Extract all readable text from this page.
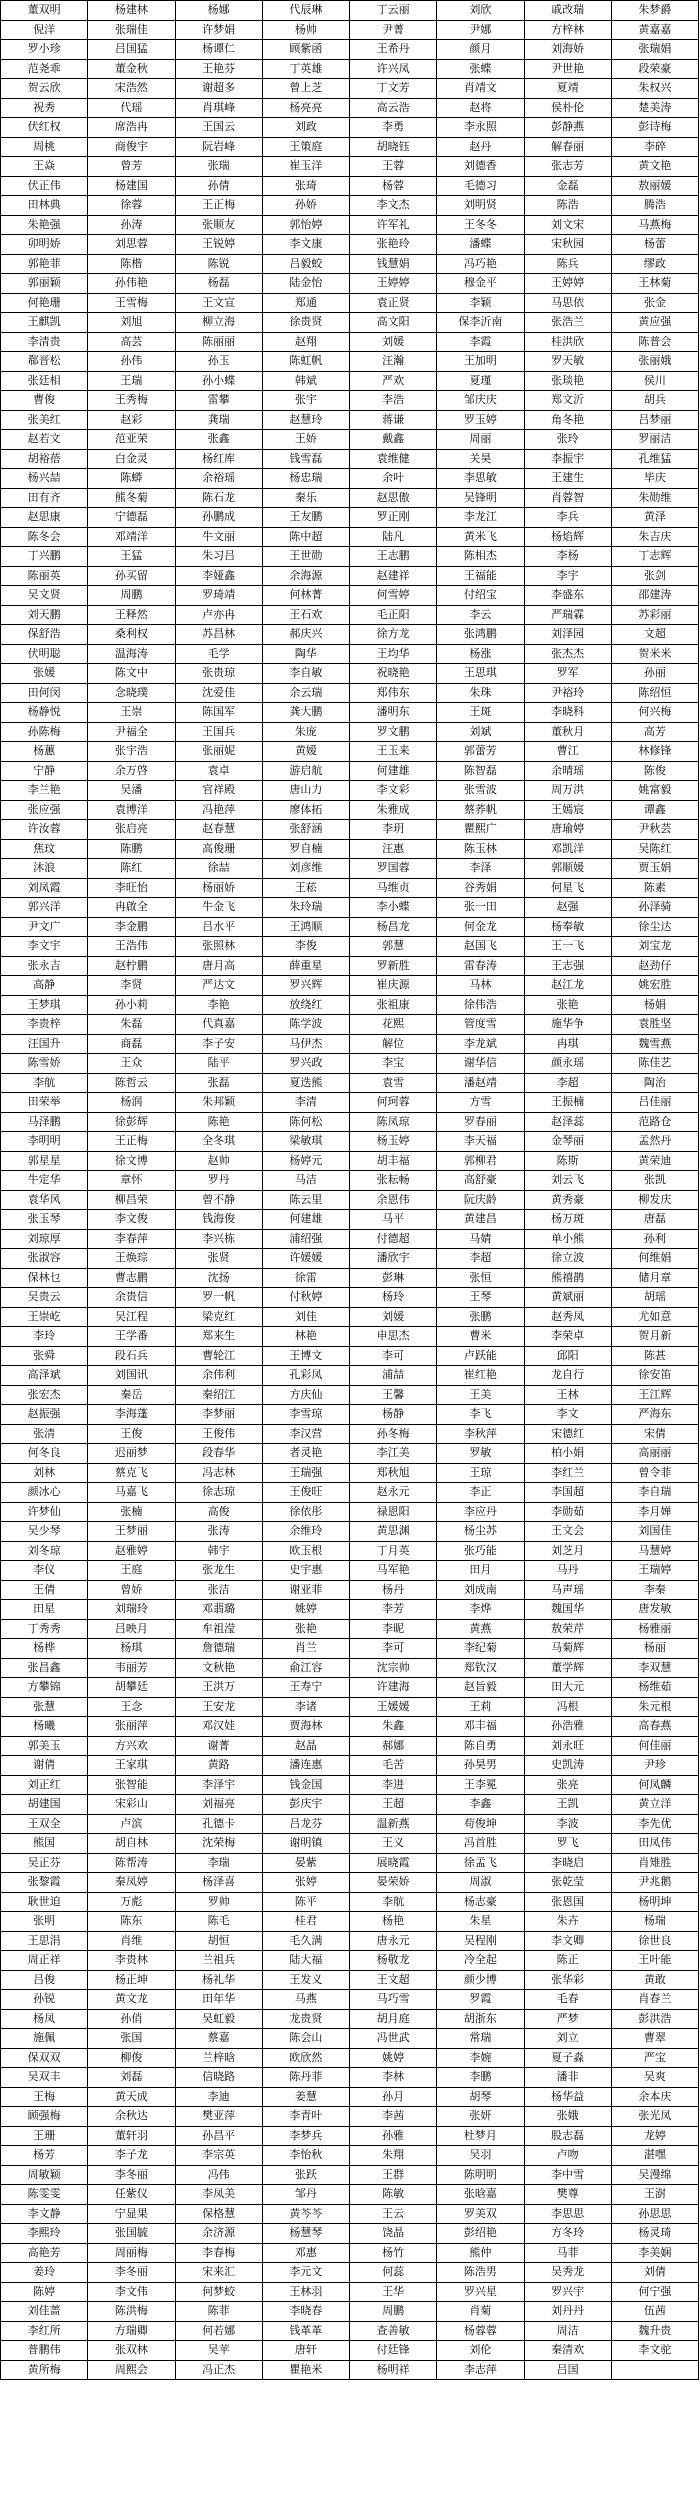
董双明	杨建林	杨娜	代辰琳	丁云丽	刘欣	戚改瑞	朱梦爵
倪洋	张瑞佳	许梦娟	杨帅	尹菁	尹娜	方梓林	黄嘉嘉
罗小珍	吕国猛	杨谭仁	顾紫函	王希丹	颜月	刘海娇	张瑞娟
范尧乖	董金秋	王艳芬	丁英雄	许兴凤	张蝶	尹世艳	段荣豪
贺云欣	宋浩然	谢超多	曾上芝	丁文芳	肖靖文	夏靖	朱权兴
祝秀	代瑶	肖琪峰	杨亮亮	高云浩	赵将	侯朴伦	楚美涛
伏红权	席浩冉	王国云	刘政	李勇	李永照	彭静燕	彭诗梅
周桃	商俊宇	阮岩峰	王策庭	胡晓钰	赵丹	解春丽	李碎
王焱	曾芳	张瑞	崔玉洋	王蓉	刘德香	张志芳	黄文艳
伏正伟	杨建国	孙倩	张琦	杨蓉	毛德习	金磊	敖丽媛
田林典	徐蓉	王正梅	孙娇	李文杰	刘明贤	陈浩	腾浩
朱艳强	孙涛	张顺友	郭怡婷	许军礼	王冬冬	刘文宋	马燕梅
卯明娇	刘思蓉	王锐婷	李文康	张艳玲	潘蝶	宋秋园	杨蕾
郭艳菲	陈楷	陈锐	吕毅蛟	钱慧娟	冯巧艳	陈兵	缪政
郭丽颖	孙伟艳	杨磊	陆金怡	王婷婷	穆金平	王婷婷	王林菊
何艳珊	王雪梅	王文宣	郑通	袁正贤	李颖	马思依	张金
王麒凯	刘旭	柳立海	徐贵贤	高文阳	保李沂南	张浩兰	黄应强
李清贵	高芸	陈丽丽	赵翔	刘媛	李霞	桂洪欣	陈普会
郗晋松	孙伟	孙玉	陈虹帆	汪瀚	王加明	罗天敏	张丽娥
张廷相	王瑞	孙小蝶	韩斌	严欢	夏瑾	张琰艳	侯川
曹俊	王秀梅	雷攀	张宇	李浩	邹庆庆	郑文沂	胡兵
张美红	赵彩	龚瑞	赵慧玲	蒋谦	罗玉婷	角冬艳	吕梦丽
赵若文	范亚荣	张鑫	王娇	戴鑫	周丽	张玲	罗丽洁
胡裕蓓	白金灵	杨红库	钱雪磊	袁维健	关昊	李振宇	孔维猛
杨兴喆	陈蟒	余裕瑶	杨忠瑞	余叶	李思敏	王建生	毕庆
田有齐	熊冬菊	陈石龙	秦乐	赵思傲	吴锋明	肖蓉智	朱勋维
赵思康	宁德磊	孙鹏成	王友鹏	罗正刚	李龙江	李兵	黄泽
陈冬会	邓靖洋	牛文丽	陈中超	陆凡	黄米飞	杨焰辉	朱吉庆
丁兴鹏	王猛	朱习吕	王世勋	王志鹏	陈相杰	李杨	丁志辉
陈丽英	孙买留	李娅鑫	余海源	赵建祥	王福能	李宇	张剑
吴文贤	周鹏	罗琦靖	何林菁	何雪婷	付绍宝	李盛东	邵建涛
刘天鹏	王释然	卢亦冉	王石欢	毛正阳	李云	严瑞霖	苏彩丽
保舒浩	桑利权	苏昌林	郝庆兴	徐方龙	张鸿鹏	刘泽园	文超
伏明聪	温海涛	毛学	陶华	王均华	杨涨	张杰杰	贺米米
张媛	陈文中	张贵琼	李自敏	祝晓艳	王思琪	罗军	孙丽
田何闵	念晓璞	沈爱佳	余云瑞	郑伟东	朱珠	尹裕玲	陈绍恒
杨静悦	王崇	陈国军	龚大鹏	潘明东	王斑	李晓科	何兴梅
孙陈梅	尹福全	王国兵	朱庞	罗文鹏	刘斌	董秋月	高芳
杨蕙	张宇浩	张丽妮	黄嫒	王玉来	郭蕾芳	曹江	林修锋
宁静	余万啓	袁卓	游启航	何建雄	陈智磊	余晴瑶	陈俊
李兰艳	吴潘	官祥殿	唐山力	李文彩	张雪波	周万洪	姚富毅
张应强	袁博洋	冯艳萍	廖体拓	朱雅成	蔡荞帆	王嫣宸	谭鑫
许汝蓉	张启亮	赵春慧	张舒涵	李玥	瞿熙广	唐瑜婷	尹秋芸
焦玟	陈鹏	高俊珊	罗自楠	汪惠	陈玉林	邓凯洋	吴陈红
沐浪	陈红	徐喆	刘彦维	罗国蓉	李泽	郭顺媛	贾玉娟
刘凤霞	李旺怡	杨丽娇	王菘	马维贞	谷秀娟	何星飞	陈素
郭兴洋	冉啟全	牛金飞	朱玲瑞	李小蝶	张一田	赵强	孙泽骑
尹文广	李金鹏	吕水平	王鸿顺	杨昌龙	何金龙	杨奉敏	徐尘达
李文宇	王浩伟	张照林	李俊	郭慧	赵国飞	王一飞	刘宝龙
张永吉	赵柠鹏	唐月高	薛重星	罗新胜	雷春涛	王志强	赵劲仔
高静	李贤	严达文	罗兴辉	崔庆源	马林	赵江龙	姚宏胜
王梦琪	孙小莉	李艳	放绕红	张祖康	徐伟浩	张艳	杨娟
李贵梓	朱磊	代真嘉	陈学波	花熙	管度雪	施华争	袁胜坚
汪国升	商磊	李子安	马伊杰	解位	李龙斌	冉琪	魏雪燕
陈雪娇	王众	陆平	罗兴政	李宝	谢华信	颜永瑶	陈佳艺
李航	陈哲云	张磊	夏迭熊	袁雪	潘赵靖	李超	陶治
田荣举	杨润	朱邦颖	李清	何珂蓉	方雪	王振楠	吕佳丽
马泽鹏	徐彭辉	陈艳	陈何松	陈凤琼	罗春丽	赵泽蕊	范路仓
李明明	王正梅	全冬琪	梁敏琪	杨玉婷	李天福	金琴丽	孟然丹
郭星星	徐文博	赵帅	杨婷元	胡丰福	郭柳君	陈斯	黄荣迪
牛定华	章怀	罗丹	马洁	张耘畅	高舒豪	刘云飞	张凯
袁华风	柳昌荣	曾不静	陈云里	余恩伟	阮庆龄	黄秀豪	柳发庆
张玉琴	李文俊	钱海俊	何建雄	马平	黄建昌	杨万斑	唐磊
刘琼厚	李春萍	李兴栋	浦绍强	付德超	马婧	单小熊	孙利
张淑容	王焕琮	张贤	许媛媛	潘欣宇	李超	徐立波	何维娟
保林乜	曹志鹏	沈扬	徐雷	彭琳	张恒	熊禧鹊	储月章
吴贵云	余贵信	罗一帆	付秋婷	杨玲	王琴	黄斌丽	胡瑶
王崇屹	吴江程	梁克红	刘佳	刘媛	张鹏	赵秀凤	尤如意
李玲	王学番	郑来生	林艳	申思杰	曹米	李荣卓	贺月新
张舜	段石兵	曹轮江	王博文	李可	卢跃能	邱阳	陈甚
高泽斌	刘国讯	余伟利	孔彩凤	浦喆	崔红艳	龙自行	徐安笛
张宏杰	秦岳	秦绍江	方庆仙	王馨	王美	王林	王江辉
赵振强	李海蓬	李梦丽	李雪琼	杨静	李飞	李文	严海东
张清	王俊	王俊伟	李汉营	孙冬梅	李秋萍	宋德红	宋倩
何冬良	迟丽梦	段春华	者灵艳	李江美	罗敏	柏小娟	高丽丽
刘林	蔡克飞	冯志林	王瑞强	郑秋旭	王琼	李红兰	曾令菲
颜冰心	马嘉飞	徐志琼	王俊旺	赵永元	李正	李国超	李自瑞
许梦仙	张楠	高俊	徐依彤	禄恩阳	李应丹	李勋茹	李月婵
吴少琴	王梦丽	张涛	余维玲	黄思渊	杨尘苏	王文会	刘国佳
刘冬琼	赵雅婷	韩宇	欧玉根	丁月英	张巧能	刘芝月	马慧婷
李仪	王庭	张龙生	史宇惠	马军艳	田月	马丹	王瑞婷
王倩	曾娇	张洁	谢亚菲	杨丹	刘成南	马声瑶	李秦
田星	刘瑞玲	邓翡璐	姚婷	李芳	李烨	魏国华	唐发敏
丁秀秀	吕映月	牟祖滢	张艳	李昵	黄燕	敖荣芹	杨雅丽
杨桦	杨琪	詹德瑞	肖兰	李可	李纪菊	马菊辉	杨丽
张昌鑫	韦丽芳	文秋艳	俞江容	沈宗帅	郑钦汉	董学辉	李双慧
方攀锦	胡攀廷	王洪万	王寿宁	许建海	赵旨毅	田大元	杨维茹
张慧	王念	王安龙	李诸	王媛媛	王莉	冯根	朱元根
杨曦	张丽萍	邓汉娃	贾海林	朱鑫	邓丰福	孙浩雅	高春燕
郭美玉	方兴欢	谢菁	赵晶	郝娜	陈自勇	刘永旺	何佳丽
谢倩	王家琪	黄路	潘连惠	毛苦	孙昊男	史凯涛	尹珍
刘正红	张智能	李泽宇	钱金国	李进	王李冕	张亮	何凤麟
胡建国	宋彩山	刘福亮	彭庆宇	王超	李鑫	王凯	黄立洋
王双全	卢滨	孔德卡	吕龙芬	温新燕	苟俊坤	李波	李先优
熊国	胡自林	沈荣梅	谢明镇	王义	冯首胜	罗飞	田凤伟
吴正芬	陈帮涛	李瑞	晏紫	展晓霞	徐孟飞	李晓启	肖雉胜
张黎霞	秦凤婷	杨泽喜	张婷	晏荣娇	周淑	张乾莹	尹兆鹅
耿世迫	万彪	罗帅	陈平	李航	杨志豪	张恩国	杨明坤
张明	陈东	陈毛	桂君	杨艳	朱星	朱卉	杨瑞
王思涓	肖维	胡恒	毛久满	唐永元	吴程刚	李文卿	徐世良
周正祥	李贵林	兰祖兵	陆大福	杨敬龙	冷全起	陈正	王叶能
吕俊	杨正坤	杨礼华	王发义	王文超	颜少博	张华彩	黄敢
孙锐	黄文龙	田年华	马燕	马巧雪	罗霞	毛春	肖春兰
杨凤	孙俏	吴虹毅	龙贵贤	胡月庭	胡浙东	严梦	彭洪浩
施佩	张国	蔡嘉	陈会山	冯世武	常瑞	刘立	曹翠
保双双	柳俊	兰梓晗	欧欣然	姚婷	李婉	夏子淼	严宝
吴双丰	刘磊	信晓路	陈丹菲	李林	李鹏	潘非	吴爽
王梅	黄天成	李迪	姜慧	孙月	胡琴	杨华益	余本庆
顾强梅	余秋达	樊亚萍	李青叶	李茜	张妍	张娥	张光凤
王珊	董轩羽	孙昌平	李梦兵	孙雅	杜梦月	股志磊	龙婷
杨芳	李子龙	李宗英	李怡秋	朱翔	吴羽	卢吻	湛嘿
周敏颖	李冬丽	冯伟	张跃	王群	陈明明	李中雪	吴漫绵
陈雯雯	任紫仪	李凤美	邹丹	陈敏	张晗嘉	樊尊	王澍
李文静	宁显果	保格慧	黄芩芩	王云	罗美双	李思思	孙思思
李熙玲	张国毓	余济源	杨慧琴	饶晶	彭绍艳	方冬玲	杨灵琦
高艳芳	周丽梅	李春梅	邓惠	杨竹	熊仲	马菲	李美娴
姜玲	李冬丽	宋来汇	李元文	何蕊	陈浩男	吴秀龙	刘倩
陈婷	李文伟	何梦蛟	王林羽	王华	罗兴星	罗兴宇	何宁强
刘佳蔷	陈洪梅	陈菲	李晓春	周鹏	肖菊	刘丹丹	伍茜
李红所	方瑞卿	何若娜	钱革革	查善敏	杨蓉蓉	周洁	魏升贵
普鹏伟	张双林	吴苹	唐轩	付廷锋	刘伦	秦清欢	李文驼
黄所梅	周熙会	冯正杰	瞿艳米	杨明祥	李志萍	吕国	
